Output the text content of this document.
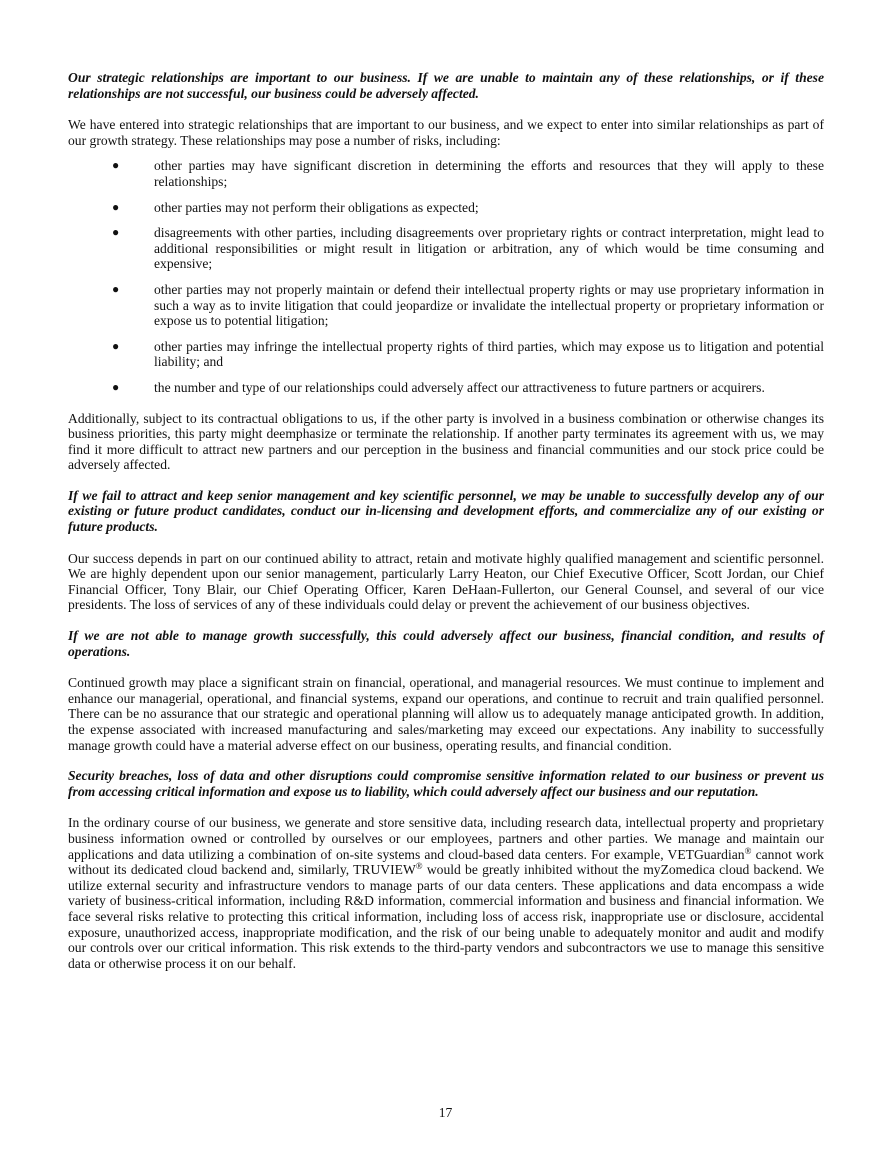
Our strategic relationships are important to our business. If we are unable to maintain any of these relationships, or if these relationships are not successful, our business could be adversely affected.

We have entered into strategic relationships that are important to our business, and we expect to enter into similar relationships as part of our growth strategy. These relationships may pose a number of risks, including:

●	other parties may have significant discretion in determining the efforts and resources that they will apply to these relationships;
●	other parties may not perform their obligations as expected;
●	disagreements with other parties, including disagreements over proprietary rights or contract interpretation, might lead to additional responsibilities or might result in litigation or arbitration, any of which would be time consuming and expensive;
●	other parties may not properly maintain or defend their intellectual property rights or may use proprietary information in such a way as to invite litigation that could jeopardize or invalidate the intellectual property or proprietary information or expose us to potential litigation;
●	other parties may infringe the intellectual property rights of third parties, which may expose us to litigation and potential liability; and
●	the number and type of our relationships could adversely affect our attractiveness to future partners or acquirers.

Additionally, subject to its contractual obligations to us, if the other party is involved in a business combination or otherwise changes its business priorities, this party might deemphasize or terminate the relationship. If another party terminates its agreement with us, we may find it more difficult to attract new partners and our perception in the business and financial communities and our stock price could be adversely affected.

If we fail to attract and keep senior management and key scientific personnel, we may be unable to successfully develop any of our existing or future product candidates, conduct our in-licensing and development efforts, and commercialize any of our existing or future products.

Our success depends in part on our continued ability to attract, retain and motivate highly qualified management and scientific personnel. We are highly dependent upon our senior management, particularly Larry Heaton, our Chief Executive Officer, Scott Jordan, our Chief Financial Officer, Tony Blair, our Chief Operating Officer, Karen DeHaan-Fullerton, our General Counsel, and several of our vice presidents. The loss of services of any of these individuals could delay or prevent the achievement of our business objectives.

If we are not able to manage growth successfully, this could adversely affect our business, financial condition, and results of operations.

Continued growth may place a significant strain on financial, operational, and managerial resources. We must continue to implement and enhance our managerial, operational, and financial systems, expand our operations, and continue to recruit and train qualified personnel. There can be no assurance that our strategic and operational planning will allow us to adequately manage anticipated growth. In addition, the expense associated with increased manufacturing and sales/marketing may exceed our expectations. Any inability to successfully manage growth could have a material adverse effect on our business, operating results, and financial condition.

Security breaches, loss of data and other disruptions could compromise sensitive information related to our business or prevent us from accessing critical information and expose us to liability, which could adversely affect our business and our reputation.

In the ordinary course of our business, we generate and store sensitive data, including research data, intellectual property and proprietary business information owned or controlled by ourselves or our employees, partners and other parties. We manage and maintain our applications and data utilizing a combination of on-site systems and cloud-based data centers. For example, VETGuardian® cannot work without its dedicated cloud backend and, similarly, TRUVIEW® would be greatly inhibited without the myZomedica cloud backend. We utilize external security and infrastructure vendors to manage parts of our data centers. These applications and data encompass a wide variety of business-critical information, including R&D information, commercial information and business and financial information. We face several risks relative to protecting this critical information, including loss of access risk, inappropriate use or disclosure, accidental exposure, unauthorized access, inappropriate modification, and the risk of our being unable to adequately monitor and audit and modify our controls over our critical information. This risk extends to the third-party vendors and subcontractors we use to manage this sensitive data or otherwise process it on our behalf.

17
